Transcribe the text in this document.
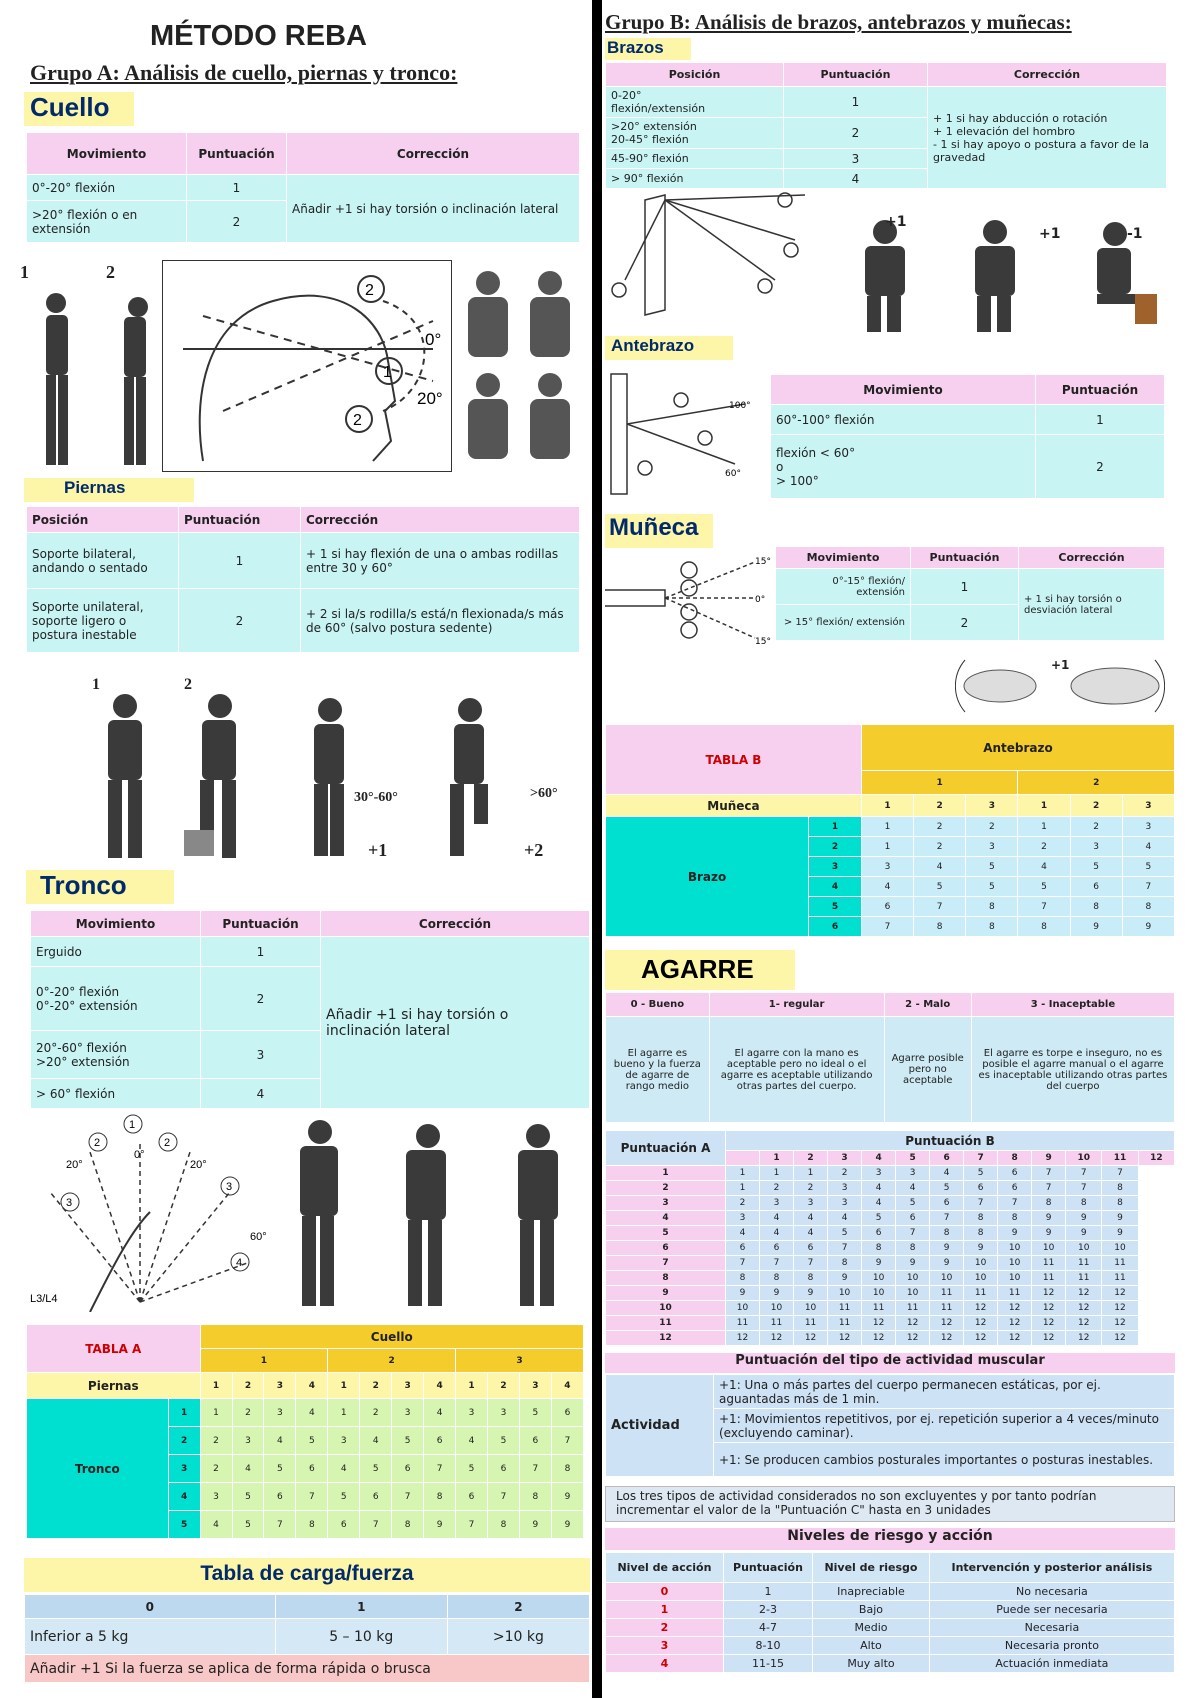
MÉTODO REBA
Grupo A: Análisis de cuello, piernas y tronco:
Cuello
Movimiento	Puntuación	Corrección
0°-20° flexión	1	Añadir +1 si hay torsión o inclinación lateral
>20° flexión o en extensión	2	
1	2
2
1
2
0°
20°
Piernas
Posición	Puntuación	Corrección
Soporte bilateral, andando o sentado	1	+ 1 si hay flexión de una o ambas rodillas entre 30 y 60°
Soporte unilateral, soporte ligero o postura inestable	2	+ 2 si la/s rodilla/s está/n flexionada/s más de 60° (salvo postura sedente)
1	2
30°-60°	>60°
+1	+2
Tronco
Movimiento	Puntuación	Corrección
Erguido	1	Añadir +1 si hay torsión o inclinación lateral
0°-20° flexión
0°-20° extensión	2	
20°-60° flexión
>20° extensión	3	
> 60° flexión	4	
1
2	2
3
3
4
0°
20°	20°
60°
L3/L4
TABLA A		Cuello											
		1				2				3			
Piernas		1	2	3	4	1	2	3	4	1	2	3	4
Tronco	1	1	2	3	4	1	2	3	4	3	3	5	6
	2	2	3	4	5	3	4	5	6	4	5	6	7
	3	2	4	5	6	4	5	6	7	5	6	7	8
	4	3	5	6	7	5	6	7	8	6	7	8	9
	5	4	5	7	8	6	7	8	9	7	8	9	9
Tabla de carga/fuerza
0	1	2
Inferior a 5 kg	5 – 10 kg	>10 kg
Añadir +1 Si la fuerza se aplica de forma rápida o brusca		
Grupo B: Análisis de brazos, antebrazos y muñecas:
Brazos
Posición	Puntuación	Corrección
0-20°
flexión/extensión	1	+ 1 si hay abducción o rotación
+ 1 elevación del hombro
- 1 si hay apoyo o postura a favor de la gravedad
>20° extensión
20-45° flexión	2	
45-90° flexión	3	
> 90° flexión	4	
+1
+1	-1
Antebrazo
100°
60°
Movimiento	Puntuación
60°-100° flexión	1
flexión < 60°
o
> 100°	2
Muñeca
15°
0°
15°
Movimiento	Puntuación	Corrección
0°-15° flexión/ extensión	1	+ 1 si hay torsión o desviación lateral
> 15° flexión/ extensión	2	
+1
TABLA B		Antebrazo					
		1			2		
Muñeca		1	2	3	1	2	3
Brazo	1	1	2	2	1	2	3
	2	1	2	3	2	3	4
	3	3	4	5	4	5	5
	4	4	5	5	5	6	7
	5	6	7	8	7	8	8
	6	7	8	8	8	9	9
AGARRE
0 - Bueno	1- regular	2 - Malo	3 - Inaceptable
El agarre es bueno y la fuerza de agarre de rango medio	El agarre con la mano es aceptable pero no ideal o el agarre es aceptable utilizando otras partes del cuerpo.	Agarre posible pero no aceptable	El agarre es torpe e inseguro, no es posible el agarre manual o el agarre es inaceptable utilizando otras partes del cuerpo
Puntuación A	Puntuación B												
		1	2	3	4	5	6	7	8	9	10	11	12
1	1	1	1	2	3	3	4	5	6	7	7	7	
2	1	2	2	3	4	4	5	6	6	7	7	8	
3	2	3	3	3	4	5	6	7	7	8	8	8	
4	3	4	4	4	5	6	7	8	8	9	9	9	
5	4	4	4	5	6	7	8	8	9	9	9	9	
6	6	6	6	7	8	8	9	9	10	10	10	10	
7	7	7	7	8	9	9	9	10	10	11	11	11	
8	8	8	8	9	10	10	10	10	10	11	11	11	
9	9	9	9	10	10	10	11	11	11	12	12	12	
10	10	10	10	11	11	11	11	12	12	12	12	12	
11	11	11	11	11	12	12	12	12	12	12	12	12	
12	12	12	12	12	12	12	12	12	12	12	12	12	
Puntuación del tipo de actividad muscular
Actividad	+1: Una o más partes del cuerpo permanecen estáticas, por ej. aguantadas más de 1 min.
+1: Movimientos repetitivos, por ej. repetición superior a 4 veces/minuto (excluyendo caminar).
+1: Se producen cambios posturales importantes o posturas inestables.
Los tres tipos de actividad considerados no son excluyentes y por tanto podrían incrementar el valor de la "Puntuación C" hasta en 3 unidades
Niveles de riesgo y acción
Nivel de acción	Puntuación	Nivel de riesgo	Intervención y posterior análisis
0	1	Inapreciable	No necesaria
1	2-3	Bajo	Puede ser necesaria
2	4-7	Medio	Necesaria
3	8-10	Alto	Necesaria pronto
4	11-15	Muy alto	Actuación inmediata
